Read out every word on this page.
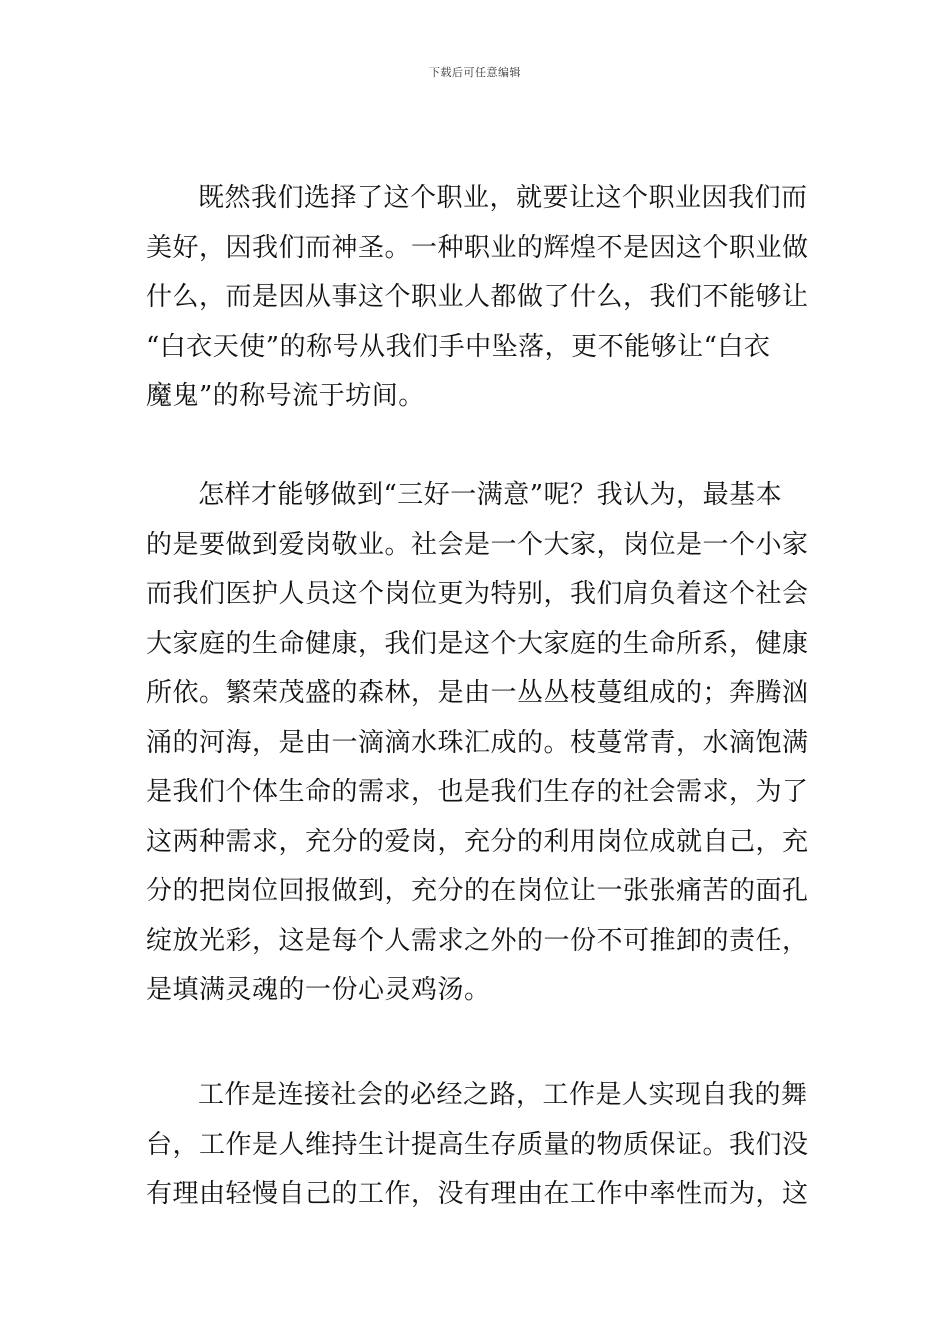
下载后可任意编辑
既然我们选择了这个职业，就要让这个职业因我们而
美好，因我们而神圣。一种职业的辉煌不是因这个职业做
什么，而是因从事这个职业人都做了什么，我们不能够让
“白衣天使”的称号从我们手中坠落，更不能够让“白衣
魔鬼”的称号流于坊间。
怎样才能够做到“三好一满意”呢？我认为，最基本
的是要做到爱岗敬业。社会是一个大家，岗位是一个小家
而我们医护人员这个岗位更为特别，我们肩负着这个社会
大家庭的生命健康，我们是这个大家庭的生命所系，健康
所依。繁荣茂盛的森林，是由一丛丛枝蔓组成的；奔腾汹
涌的河海，是由一滴滴水珠汇成的。枝蔓常青，水滴饱满
是我们个体生命的需求，也是我们生存的社会需求，为了
这两种需求，充分的爱岗，充分的利用岗位成就自己，充
分的把岗位回报做到，充分的在岗位让一张张痛苦的面孔
绽放光彩，这是每个人需求之外的一份不可推卸的责任，
是填满灵魂的一份心灵鸡汤。
工作是连接社会的必经之路，工作是人实现自我的舞
台，工作是人维持生计提高生存质量的物质保证。我们没
有理由轻慢自己的工作，没有理由在工作中率性而为，这
